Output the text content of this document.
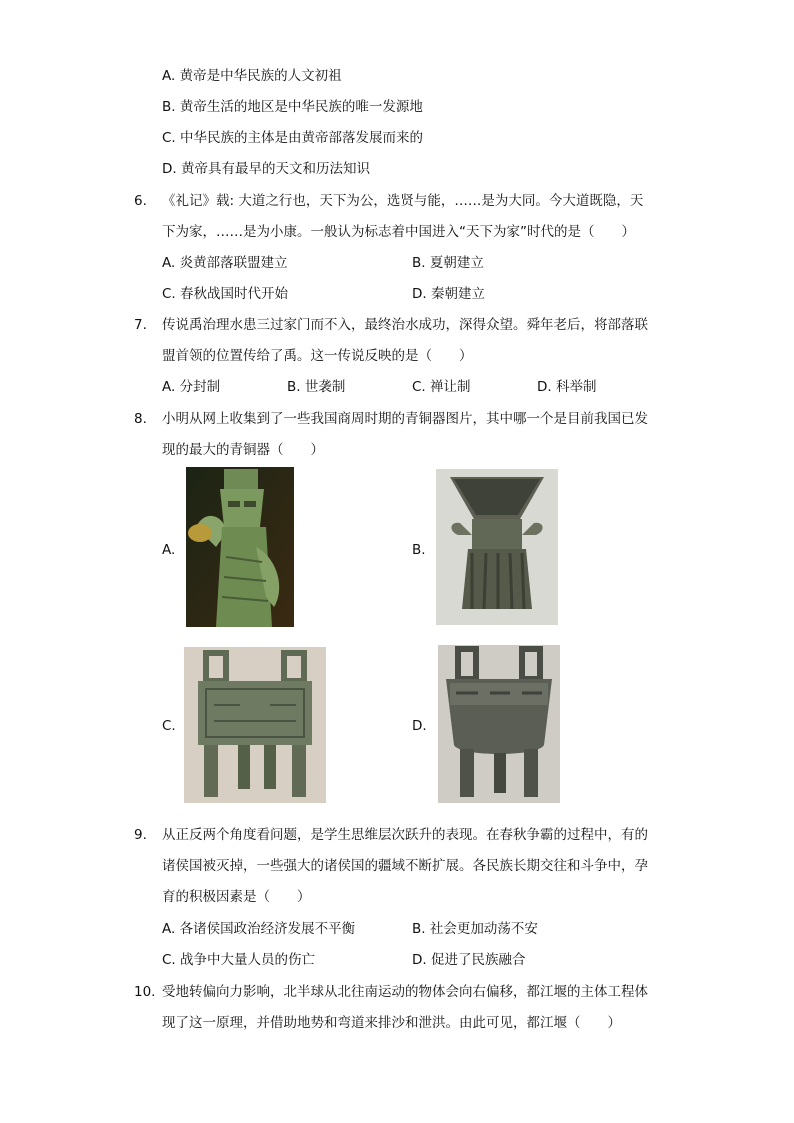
A. 黄帝是中华民族的人文初祖
B. 黄帝生活的地区是中华民族的唯一发源地
C. 中华民族的主体是由黄帝部落发展而来的
D. 黄帝具有最早的天文和历法知识
6. 《礼记》载: 大道之行也，天下为公，选贤与能，……是为大同。今大道既隐，天
下为家，……是为小康。一般认为标志着中国进入“天下为家”时代的是（　　）
A. 炎黄部落联盟建立	B. 夏朝建立
C. 春秋战国时代开始	D. 秦朝建立
7. 传说禹治理水患三过家门而不入，最终治水成功，深得众望。舜年老后，将部落联
盟首领的位置传给了禹。这一传说反映的是（　　）
A. 分封制	B. 世袭制	C. 禅让制	D. 科举制
8. 小明从网上收集到了一些我国商周时期的青铜器图片，其中哪一个是目前我国已发
现的最大的青铜器（　　）
A.	B.
C.	D.
9. 从正反两个角度看问题，是学生思维层次跃升的表现。在春秋争霸的过程中，有的
诸侯国被灭掉，一些强大的诸侯国的疆域不断扩展。各民族长期交往和斗争中，孕
育的积极因素是（　　）
A. 各诸侯国政治经济发展不平衡	B. 社会更加动荡不安
C. 战争中大量人员的伤亡	D. 促进了民族融合
10. 受地转偏向力影响，北半球从北往南运动的物体会向右偏移，都江堰的主体工程体
现了这一原理，并借助地势和弯道来排沙和泄洪。由此可见，都江堰（　　）
